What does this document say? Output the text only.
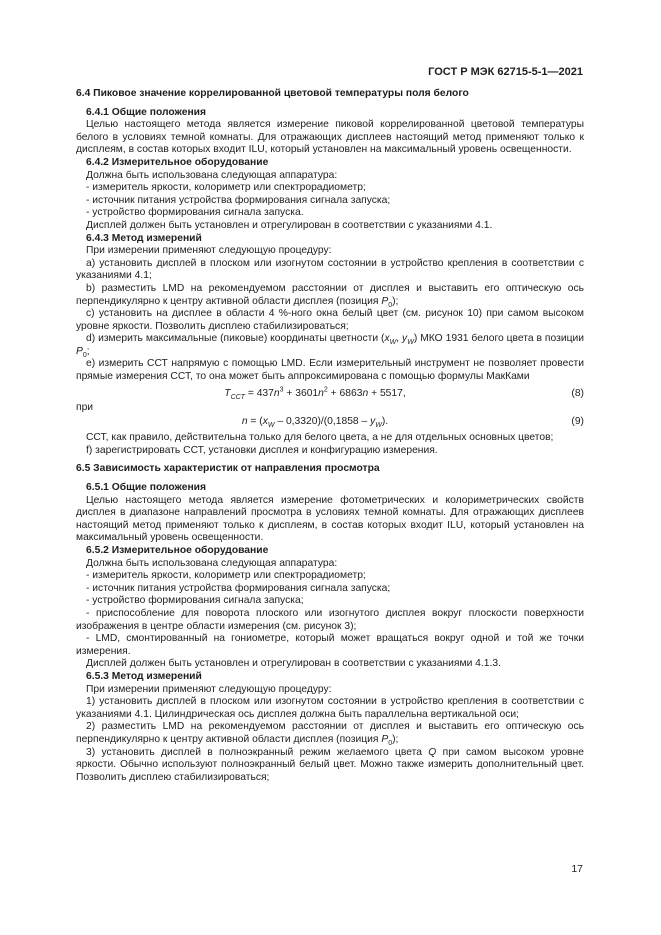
ГОСТ Р МЭК 62715-5-1—2021
6.4 Пиковое значение коррелированной цветовой температуры поля белого
6.4.1 Общие положения
Целью настоящего метода является измерение пиковой коррелированной цветовой температуры белого в условиях темной комнаты. Для отражающих дисплеев настоящий метод применяют только к дисплеям, в состав которых входит ILU, который установлен на максимальный уровень освещенности.
6.4.2 Измерительное оборудование
Должна быть использована следующая аппаратура:
- измеритель яркости, колориметр или спектрорадиометр;
- источник питания устройства формирования сигнала запуска;
- устройство формирования сигнала запуска.
Дисплей должен быть установлен и отрегулирован в соответствии с указаниями 4.1.
6.4.3 Метод измерений
При измерении применяют следующую процедуру:
а) установить дисплей в плоском или изогнутом состоянии в устройство крепления в соответствии с указаниями 4.1;
b) разместить LMD на рекомендуемом расстоянии от дисплея и выставить его оптическую ось перпендикулярно к центру активной области дисплея (позиция $P_0$);
с) установить на дисплее в области 4 %-ного окна белый цвет (см. рисунок 10) при самом высоком уровне яркости. Позволить дисплею стабилизироваться;
d) измерить максимальные (пиковые) координаты цветности ($x_W$, $y_W$) МКО 1931 белого цвета в позиции $P_0$;
е) измерить ССТ напрямую с помощью LMD. Если измерительный инструмент не позволяет провести прямые измерения ССТ, то она может быть аппроксимирована с помощью формулы МакКами
$T_{CCT} = 437n^3 + 3601n^2 + 6863n + 5517$,	(8)
при
$n = (x_W - 0,3320)/(0,1858 - y_W)$.	(9)
ССТ, как правило, действительна только для белого цвета, а не для отдельных основных цветов;
f) зарегистрировать ССТ, установки дисплея и конфигурацию измерения.
6.5 Зависимость характеристик от направления просмотра
6.5.1 Общие положения
Целью настоящего метода является измерение фотометрических и колориметрических свойств дисплея в диапазоне направлений просмотра в условиях темной комнаты. Для отражающих дисплеев настоящий метод применяют только к дисплеям, в состав которых входит ILU, который установлен на максимальный уровень освещенности.
6.5.2 Измерительное оборудование
Должна быть использована следующая аппаратура:
- измеритель яркости, колориметр или спектрорадиометр;
- источник питания устройства формирования сигнала запуска;
- устройство формирования сигнала запуска;
- приспособление для поворота плоского или изогнутого дисплея вокруг плоскости поверхности изображения в центре области измерения (см. рисунок 3);
- LMD, смонтированный на гониометре, который может вращаться вокруг одной и той же точки измерения.
Дисплей должен быть установлен и отрегулирован в соответствии с указаниями 4.1.3.
6.5.3 Метод измерений
При измерении применяют следующую процедуру:
1) установить дисплей в плоском или изогнутом состоянии в устройство крепления в соответствии с указаниями 4.1. Цилиндрическая ось дисплея должна быть параллельна вертикальной оси;
2) разместить LMD на рекомендуемом расстоянии от дисплея и выставить его оптическую ось перпендикулярно к центру активной области дисплея (позиция $P_0$);
3) установить дисплей в полноэкранный режим желаемого цвета Q при самом высоком уровне яркости. Обычно используют полноэкранный белый цвет. Можно также измерить дополнительный цвет. Позволить дисплею стабилизироваться;
17
